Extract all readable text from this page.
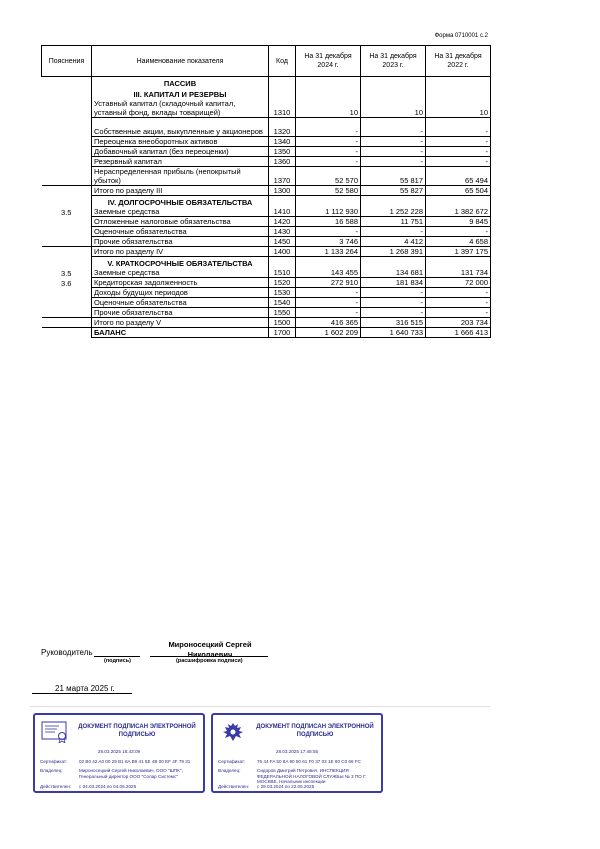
Форма 0710001 с.2
Пояснения	Наименование показателя	Код	На 31 декабря 2024 г.	На 31 декабря 2023 г.	На 31 декабря 2022 г.
	ПАССИВ				
	III. КАПИТАЛ И РЕЗЕРВЫ				
	Уставный капитал (складочный капитал, уставный фонд, вклады товарищей)	1310	10	10	10
	Собственные акции, выкупленные у акционеров	1320	-	-	-
	Переоценка внеоборотных активов	1340	-	-	-
	Добавочный капитал (без переоценки)	1350	-	-	-
	Резервный капитал	1360	-	-	-
	Нераспределенная прибыль (непокрытый убыток)	1370	52 570	55 817	65 494
	Итого по разделу III	1300	52 580	55 827	65 504
	IV. ДОЛГОСРОЧНЫЕ ОБЯЗАТЕЛЬСТВА				
3.5	Заемные средства	1410	1 112 930	1 252 228	1 382 672
	Отложенные налоговые обязательства	1420	16 588	11 751	9 845
	Оценочные обязательства	1430	-	-	-
	Прочие обязательства	1450	3 746	4 412	4 658
	Итого по разделу IV	1400	1 133 264	1 268 391	1 397 175
	V. КРАТКОСРОЧНЫЕ ОБЯЗАТЕЛЬСТВА				
3.5	Заемные средства	1510	143 455	134 681	131 734
3.6	Кредиторская задолженность	1520	272 910	181 834	72 000
	Доходы будущих периодов	1530	-	-	-
	Оценочные обязательства	1540	-	-	-
	Прочие обязательства	1550	-	-	-
	Итого по разделу V	1500	416 365	316 515	203 734
	БАЛАНС	1700	1 602 209	1 640 733	1 666 413
Руководитель
(подпись)
Мироносецкий Сергей Николаевич
(расшифровка подписи)
21 марта 2025 г.
ДОКУМЕНТ ПОДПИСАН ЭЛЕКТРОННОЙ ПОДПИСЬЮ
28.03.2025 16:43:09
Сертификат:	02 B0 42 A0 00 29 B1 8A B9 41 5E 4B 00 EF 4F 79 31
Владелец:	Мироносецкий Сергей Николаевич, ООО "ШПК", Генеральный директор ООО "Солар Системс"
Действителен:	с 04.03.2024 по 04.06.2025
ДОКУМЕНТ ПОДПИСАН ЭЛЕКТРОННОЙ ПОДПИСЬЮ
28.03.2025 17:48:55
Сертификат:	76 44 FA 50 8A 90 50 61 F0 37 03 1E 80 C0 66 FC
Владелец:	Сидоров Дмитрий Петрович, ИНСПЕКЦИЯ ФЕДЕРАЛЬНОЙ НАЛОГОВОЙ СЛУЖБЫ № 3 ПО Г. МОСКВЕ, Начальник инспекции
Действителен:	с 29.03.2024 по 22.06.2025
